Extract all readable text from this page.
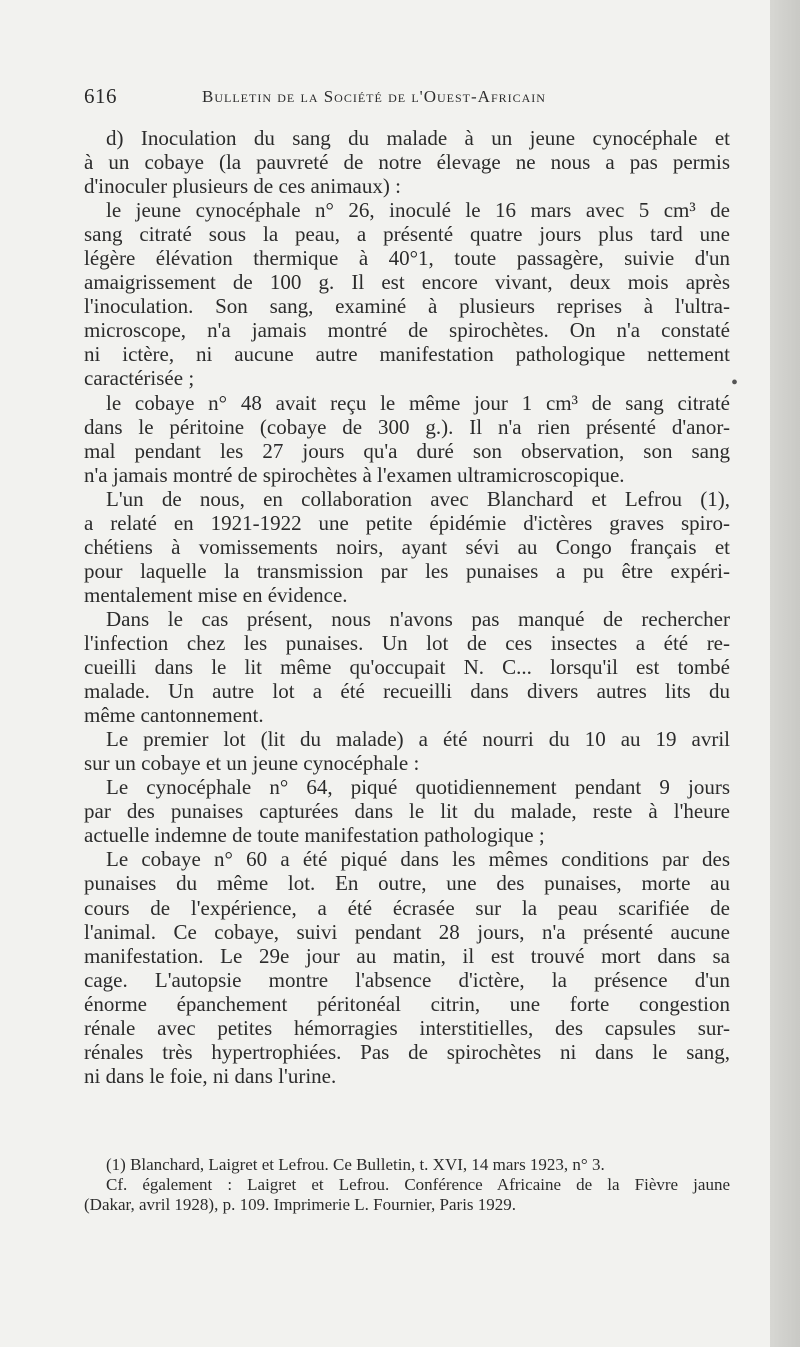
616	Bulletin de la Société de l'Ouest-Africain
d) Inoculation du sang du malade à un jeune cynocéphale et
à un cobaye (la pauvreté de notre élevage ne nous a pas permis
d'inoculer plusieurs de ces animaux) :
le jeune cynocéphale n° 26, inoculé le 16 mars avec 5 cm³ de
sang citraté sous la peau, a présenté quatre jours plus tard une
légère élévation thermique à 40°1, toute passagère, suivie d'un
amaigrissement de 100 g. Il est encore vivant, deux mois après
l'inoculation. Son sang, examiné à plusieurs reprises à l'ultra-
microscope, n'a jamais montré de spirochètes. On n'a constaté
ni ictère, ni aucune autre manifestation pathologique nettement
caractérisée ;
le cobaye n° 48 avait reçu le même jour 1 cm³ de sang citraté
dans le péritoine (cobaye de 300 g.). Il n'a rien présenté d'anor-
mal pendant les 27 jours qu'a duré son observation, son sang
n'a jamais montré de spirochètes à l'examen ultramicroscopique.
L'un de nous, en collaboration avec Blanchard et Lefrou (1),
a relaté en 1921-1922 une petite épidémie d'ictères graves spiro-
chétiens à vomissements noirs, ayant sévi au Congo français et
pour laquelle la transmission par les punaises a pu être expéri-
mentalement mise en évidence.
Dans le cas présent, nous n'avons pas manqué de rechercher
l'infection chez les punaises. Un lot de ces insectes a été re-
cueilli dans le lit même qu'occupait N. C... lorsqu'il est tombé
malade. Un autre lot a été recueilli dans divers autres lits du
même cantonnement.
Le premier lot (lit du malade) a été nourri du 10 au 19 avril
sur un cobaye et un jeune cynocéphale :
Le cynocéphale n° 64, piqué quotidiennement pendant 9 jours
par des punaises capturées dans le lit du malade, reste à l'heure
actuelle indemne de toute manifestation pathologique ;
Le cobaye n° 60 a été piqué dans les mêmes conditions par des
punaises du même lot. En outre, une des punaises, morte au
cours de l'expérience, a été écrasée sur la peau scarifiée de
l'animal. Ce cobaye, suivi pendant 28 jours, n'a présenté aucune
manifestation. Le 29e jour au matin, il est trouvé mort dans sa
cage. L'autopsie montre l'absence d'ictère, la présence d'un
énorme épanchement péritonéal citrin, une forte congestion
rénale avec petites hémorragies interstitielles, des capsules sur-
rénales très hypertrophiées. Pas de spirochètes ni dans le sang,
ni dans le foie, ni dans l'urine.
(1) Blanchard, Laigret et Lefrou. Ce Bulletin, t. XVI, 14 mars 1923, n° 3.
Cf. également : Laigret et Lefrou. Conférence Africaine de la Fièvre jaune
(Dakar, avril 1928), p. 109. Imprimerie L. Fournier, Paris 1929.
•
